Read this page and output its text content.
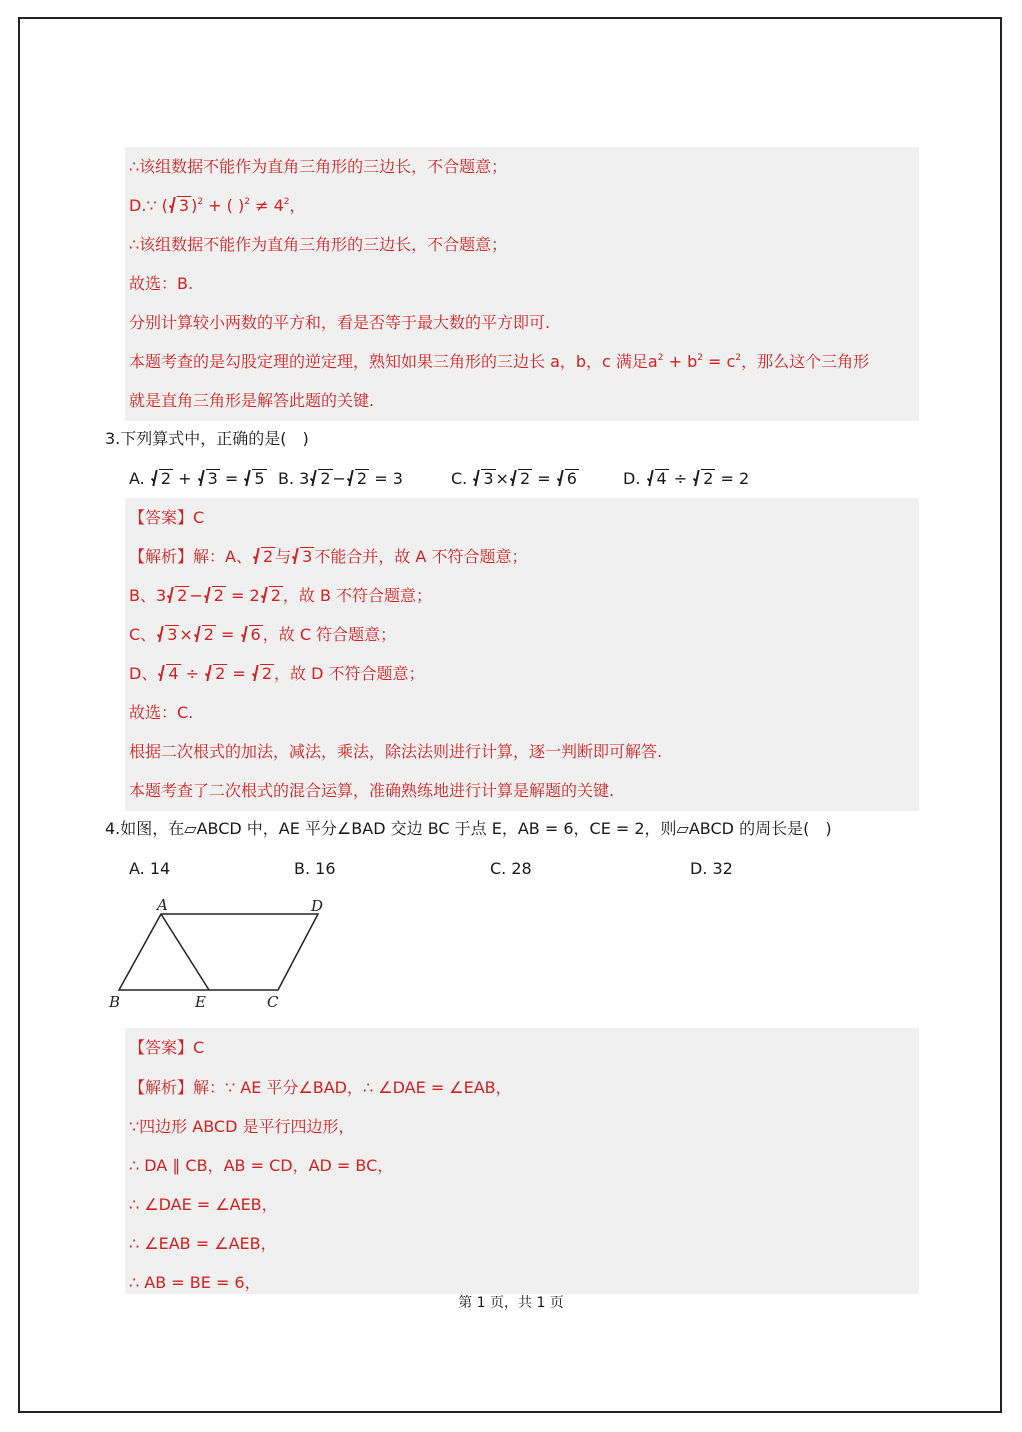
∴该组数据不能作为直角三角形的三边长，不合题意；
D.∵ ( 3 )$^2$ + ( )$^2 \ne 4^2$，
∴该组数据不能作为直角三角形的三边长，不合题意；
故选：B.
分别计算较小两数的平方和，看是否等于最大数的平方即可.
本题考查的是勾股定理的逆定理，熟知如果三角形的三边长 a，b，c 满足$a^2 + b^2 = c^2$，那么这个三角形
就是直角三角形是解答此题的关键.
3.下列算式中，正确的是(　)
A. 2 + 3 = 5 B. 3 2 − 2 = 3	C. 3 × 2 = 6	D. 4 ÷ 2 = 2
【答案】C
【解析】解：A、 2 与 3 不能合并，故 A 不符合题意；
B、3 2 − 2 = 2 2 ，故 B 不符合题意；
C、 3 × 2 = 6 ，故 C 符合题意；
D、 4 ÷ 2 = 2 ，故 D 不符合题意；
故选：C.
根据二次根式的加法，减法，乘法，除法法则进行计算，逐一判断即可解答.
本题考查了二次根式的混合运算，准确熟练地进行计算是解题的关键.
4.如图，在▱ABCD 中，AE 平分∠BAD 交边 BC 于点 E，AB = 6，CE = 2，则▱ABCD 的周长是(　)
A. 14	B. 16	C. 28	D. 32
A	D
B	E	C
【答案】C
【解析】解：∵ AE 平分∠BAD，∴ ∠DAE = ∠EAB，
∵四边形 ABCD 是平行四边形，
∴ DA ∥ CB，AB = CD，AD = BC，
∴ ∠DAE = ∠AEB，
∴ ∠EAB = ∠AEB，
∴ AB = BE = 6，
第 1 页，共 1 页
